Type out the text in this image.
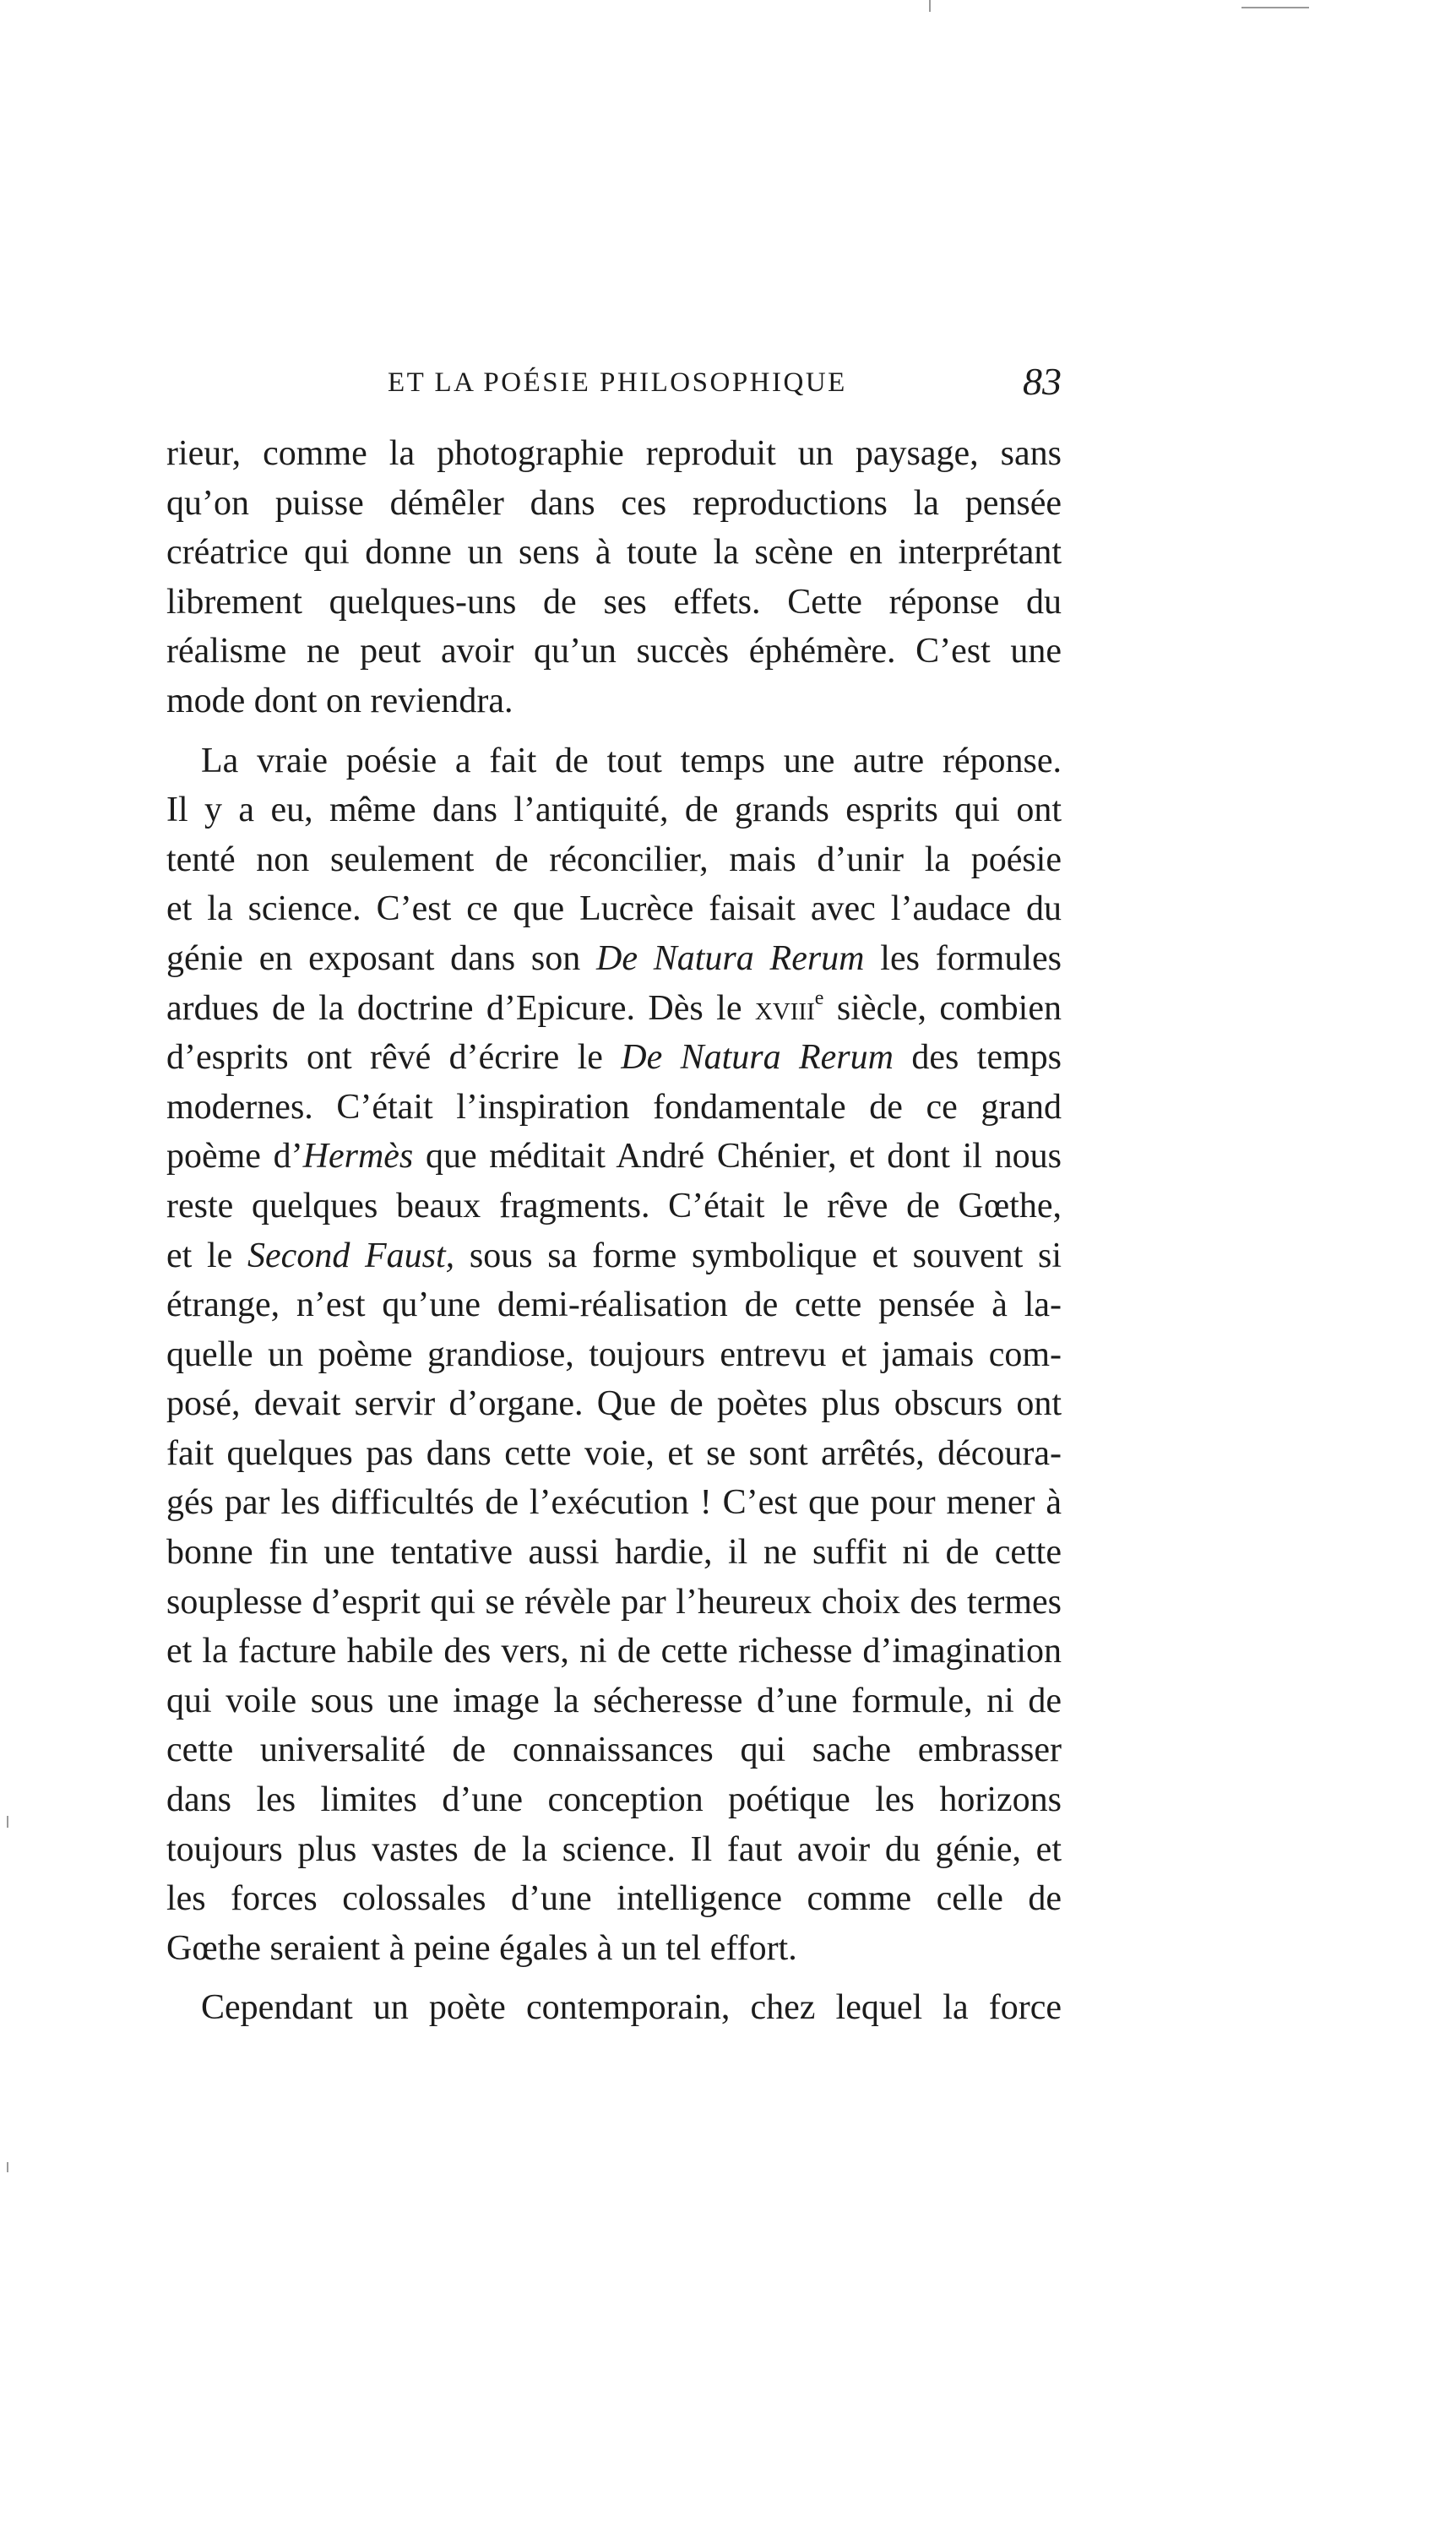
ET LA POÉSIE PHILOSOPHIQUE	83
rieur, comme la photographie reproduit un paysage, sans
qu’on puisse démêler dans ces reproductions la pensée
créatrice qui donne un sens à toute la scène en interprétant
librement quelques-uns de ses effets. Cette réponse du
réalisme ne peut avoir qu’un succès éphémère. C’est une
mode dont on reviendra.
La vraie poésie a fait de tout temps une autre réponse.
Il y a eu, même dans l’antiquité, de grands esprits qui ont
tenté non seulement de réconcilier, mais d’unir la poésie
et la science. C’est ce que Lucrèce faisait avec l’audace du
génie en exposant dans son De Natura Rerum les formules
ardues de la doctrine d’Epicure. Dès le xviii$^e$ siècle, combien
d’esprits ont rêvé d’écrire le De Natura Rerum des temps
modernes. C’était l’inspiration fondamentale de ce grand
poème d’Hermès que méditait André Chénier, et dont il nous
reste quelques beaux fragments. C’était le rêve de Gœthe,
et le Second Faust, sous sa forme symbolique et souvent si
étrange, n’est qu’une demi-réalisation de cette pensée à la-
quelle un poème grandiose, toujours entrevu et jamais com-
posé, devait servir d’organe. Que de poètes plus obscurs ont
fait quelques pas dans cette voie, et se sont arrêtés, découra-
gés par les difficultés de l’exécution ! C’est que pour mener à
bonne fin une tentative aussi hardie, il ne suffit ni de cette
souplesse d’esprit qui se révèle par l’heureux choix des termes
et la facture habile des vers, ni de cette richesse d’imagination
qui voile sous une image la sécheresse d’une formule, ni de
cette universalité de connaissances qui sache embrasser
dans les limites d’une conception poétique les horizons
toujours plus vastes de la science. Il faut avoir du génie, et
les forces colossales d’une intelligence comme celle de
Gœthe seraient à peine égales à un tel effort.
Cependant un poète contemporain, chez lequel la force
